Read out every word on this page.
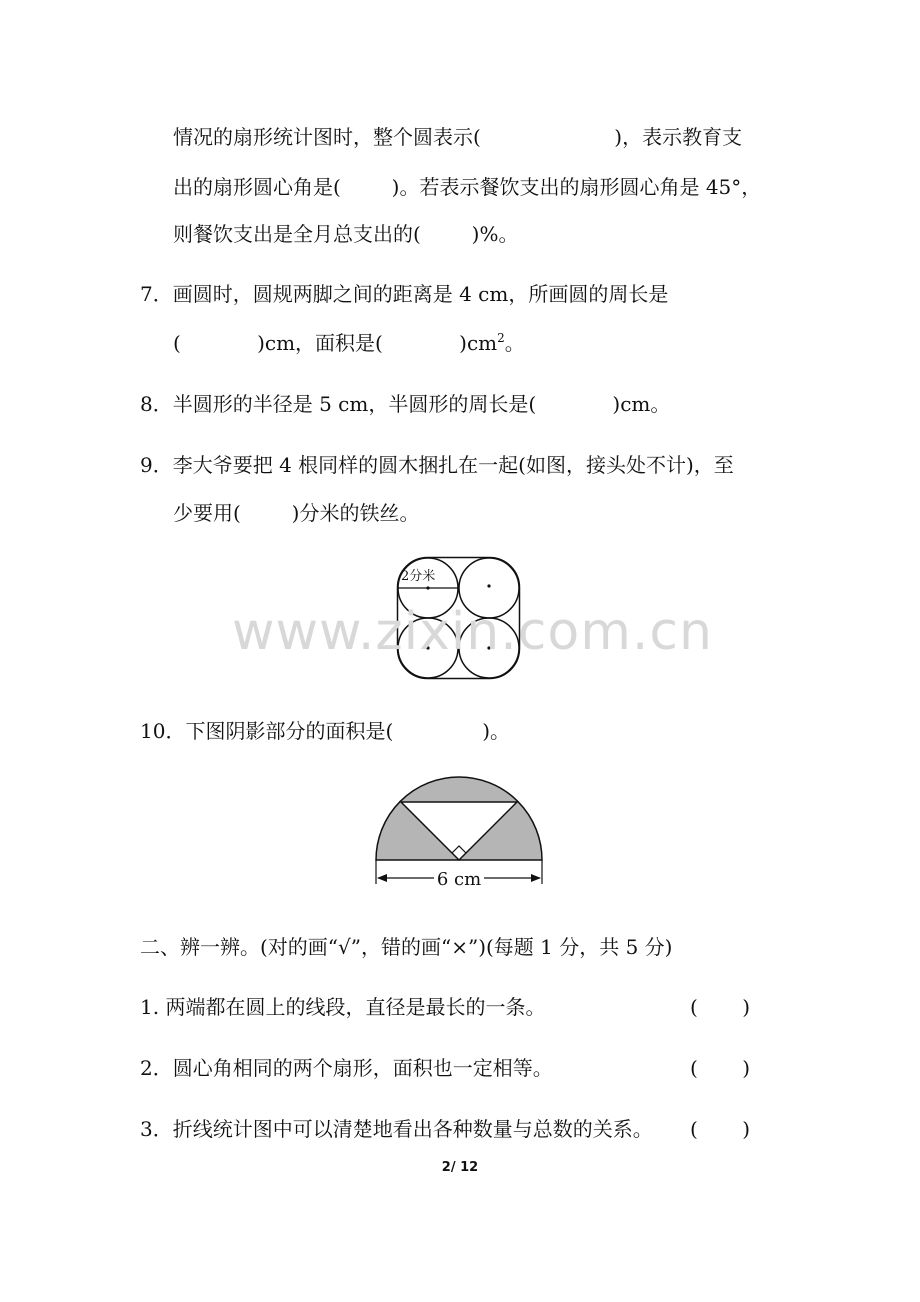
情况的扇形统计图时，整个圆表示(                     )，表示教育支
出的扇形圆心角是(        )。若表示餐饮支出的扇形圆心角是 45°，
则餐饮支出是全月总支出的(        )%。
7．画圆时，圆规两脚之间的距离是 4 cm，所画圆的周长是
(            )cm，面积是(            )$cm^2$。
8．半圆形的半径是 5 cm，半圆形的周长是(            )cm。
9．李大爷要把 4 根同样的圆木捆扎在一起(如图，接头处不计)，至
少要用(        )分米的铁丝。
2分米
www.zixin.com.cn
10．下图阴影部分的面积是(              )。
6 cm
二、辨一辨。(对的画“√”，错的画“×”)(每题 1 分，共 5 分)
1. 两端都在圆上的线段，直径是最长的一条。	(       )
2．圆心角相同的两个扇形，面积也一定相等。	(       )
3．折线统计图中可以清楚地看出各种数量与总数的关系。 (       )
2/ 12
